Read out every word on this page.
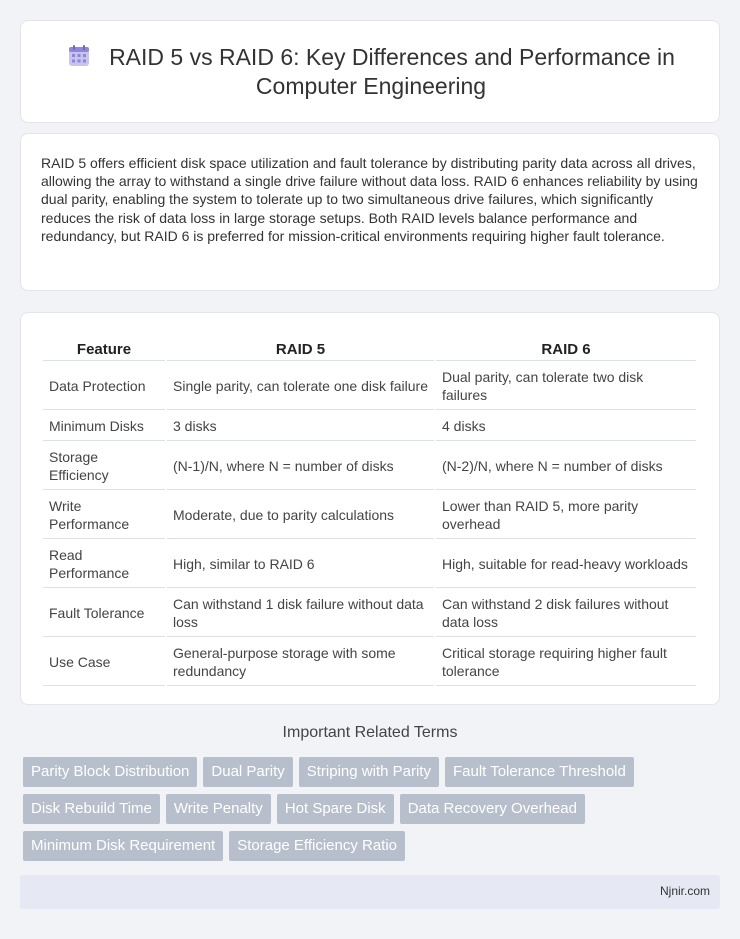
RAID 5 vs RAID 6: Key Differences and Performance in Computer Engineering

RAID 5 offers efficient disk space utilization and fault tolerance by distributing parity data across all drives, allowing the array to withstand a single drive failure without data loss. RAID 6 enhances reliability by using dual parity, enabling the system to tolerate up to two simultaneous drive failures, which significantly reduces the risk of data loss in large storage setups. Both RAID levels balance performance and redundancy, but RAID 6 is preferred for mission-critical environments requiring higher fault tolerance.

Feature	RAID 5	RAID 6
Data Protection	Single parity, can tolerate one disk failure	Dual parity, can tolerate two disk failures
Minimum Disks	3 disks	4 disks
Storage Efficiency	(N-1)/N, where N = number of disks	(N-2)/N, where N = number of disks
Write Performance	Moderate, due to parity calculations	Lower than RAID 5, more parity overhead
Read Performance	High, similar to RAID 6	High, suitable for read-heavy workloads
Fault Tolerance	Can withstand 1 disk failure without data loss	Can withstand 2 disk failures without data loss
Use Case	General-purpose storage with some redundancy	Critical storage requiring higher fault tolerance
Important Related Terms
Parity Block Distribution	Dual Parity	Striping with Parity	Fault Tolerance Threshold
Disk Rebuild Time	Write Penalty	Hot Spare Disk	Data Recovery Overhead
Minimum Disk Requirement	Storage Efficiency Ratio
Njnir.com
